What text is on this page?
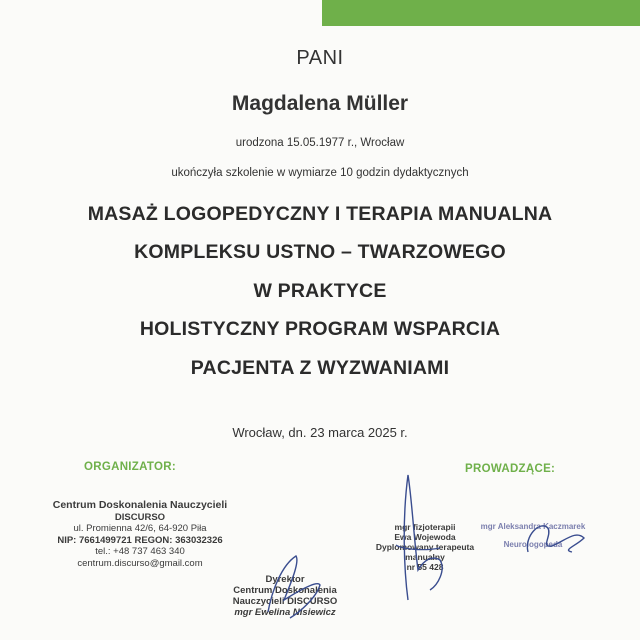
PANI
Magdalena Müller
urodzona 15.05.1977 r., Wrocław
ukończyła szkolenie w wymiarze 10 godzin dydaktycznych
MASAŻ LOGOPEDYCZNY I TERAPIA MANUALNA
KOMPLEKSU USTNO – TWARZOWEGO
W PRAKTYCE
HOLISTYCZNY PROGRAM WSPARCIA
PACJENTA Z WYZWANIAMI
Wrocław, dn. 23 marca 2025 r.
ORGANIZATOR:	PROWADZĄCE:
Centrum Doskonalenia Nauczycieli
DISCURSO
ul. Promienna 42/6, 64-920 Piła
NIP: 7661499721 REGON: 363032326
tel.: +48 737 463 340
centrum.discurso@gmail.com
Dyrektor
Centrum Doskonalenia
Nauczycieli DISCURSO
mgr Ewelina Nisiewicz
mgr fizjoterapii
Ewa Wojewoda
Dyplomowany terapeuta manualny
nr 55 428
mgr Aleksandra Kaczmarek
Neurologopeda
